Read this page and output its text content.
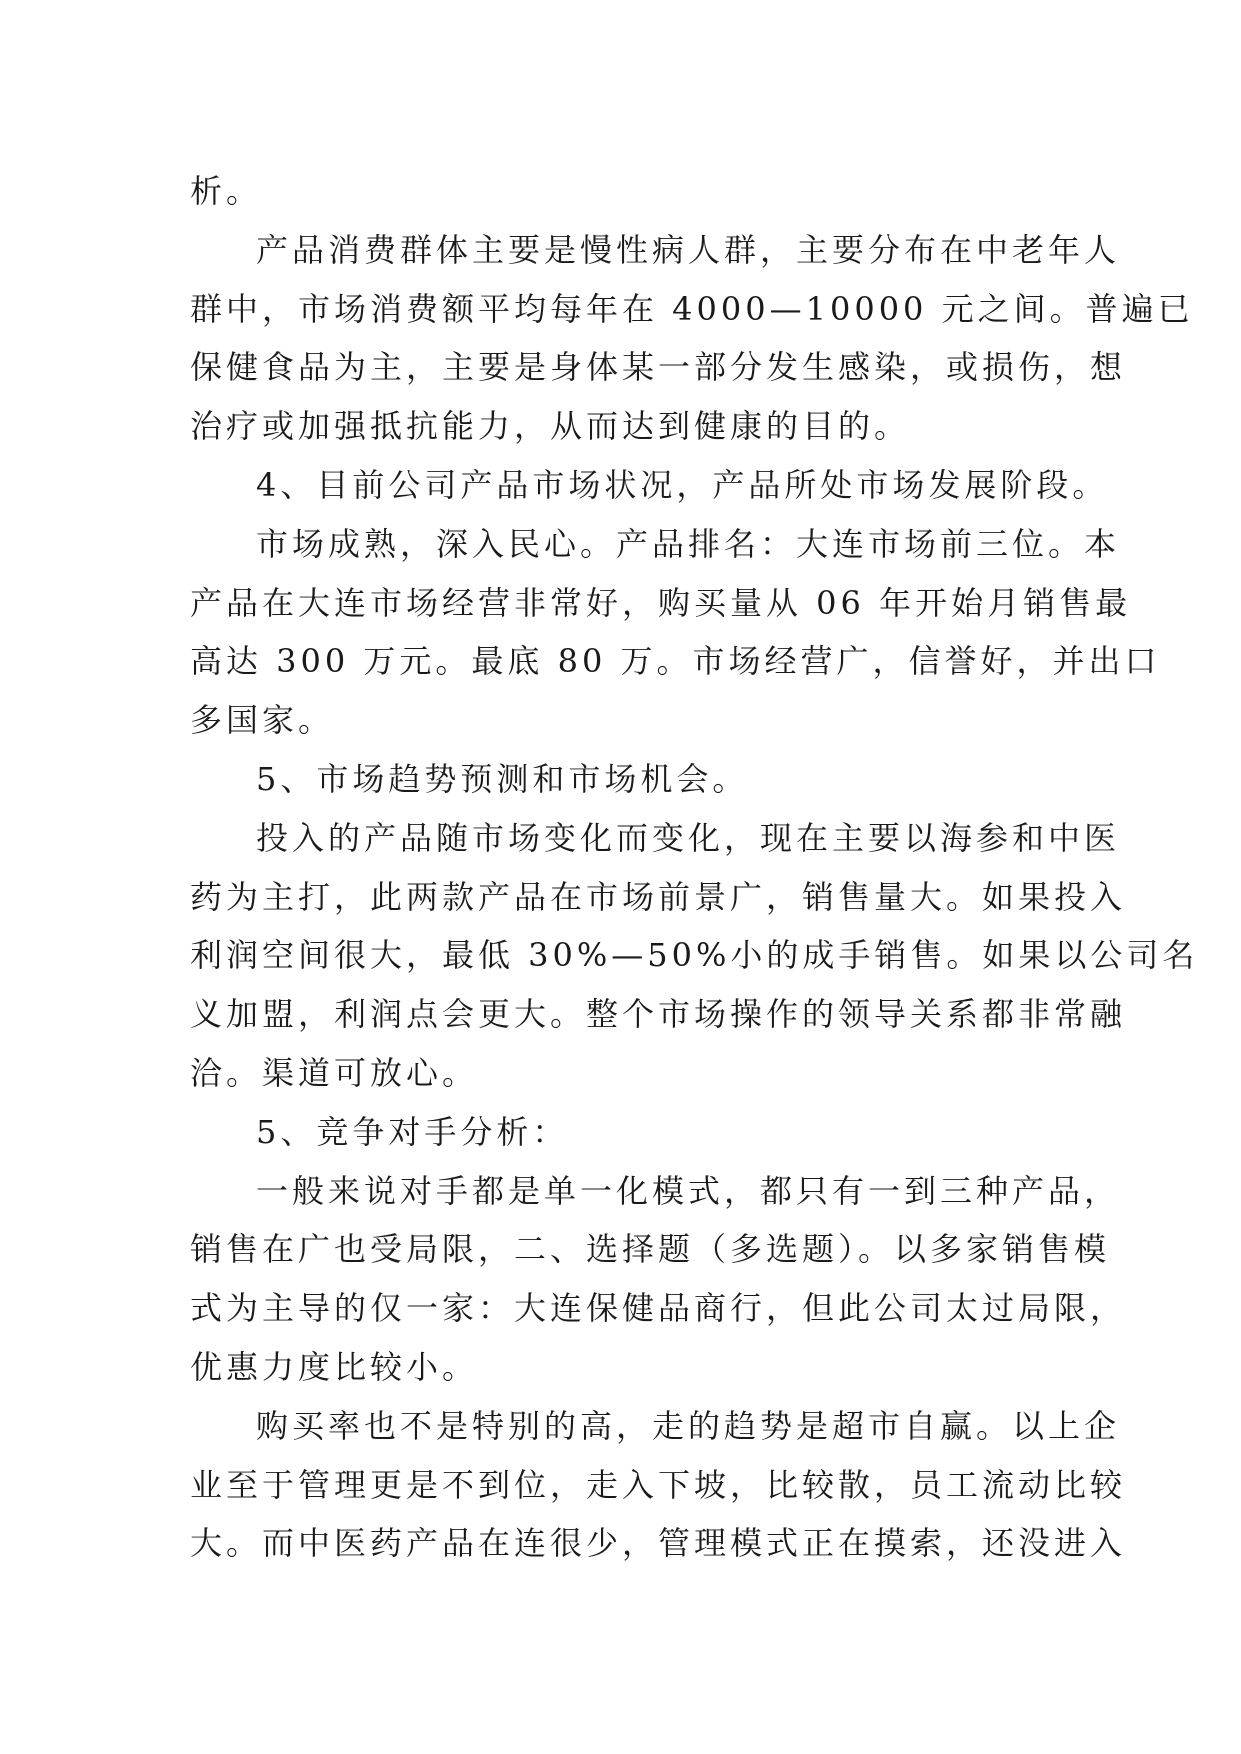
析。
产品消费群体主要是慢性病人群，主要分布在中老年人
群中，市场消费额平均每年在 4000—10000 元之间。普遍已
保健食品为主，主要是身体某一部分发生感染，或损伤，想
治疗或加强抵抗能力，从而达到健康的目的。
4、目前公司产品市场状况，产品所处市场发展阶段。
市场成熟，深入民心。产品排名：大连市场前三位。本
产品在大连市场经营非常好，购买量从 06 年开始月销售最
高达 300 万元。最底 80 万。市场经营广，信誉好，并出口
多国家。
5、市场趋势预测和市场机会。
投入的产品随市场变化而变化，现在主要以海参和中医
药为主打，此两款产品在市场前景广，销售量大。如果投入
利润空间很大，最低 30%—50%小的成手销售。如果以公司名
义加盟，利润点会更大。整个市场操作的领导关系都非常融
洽。渠道可放心。
5、竞争对手分析：
一般来说对手都是单一化模式，都只有一到三种产品，
销售在广也受局限，二、选择题（多选题）。以多家销售模
式为主导的仅一家：大连保健品商行，但此公司太过局限，
优惠力度比较小。
购买率也不是特别的高，走的趋势是超市自赢。以上企
业至于管理更是不到位，走入下坡，比较散，员工流动比较
大。而中医药产品在连很少，管理模式正在摸索，还没进入
